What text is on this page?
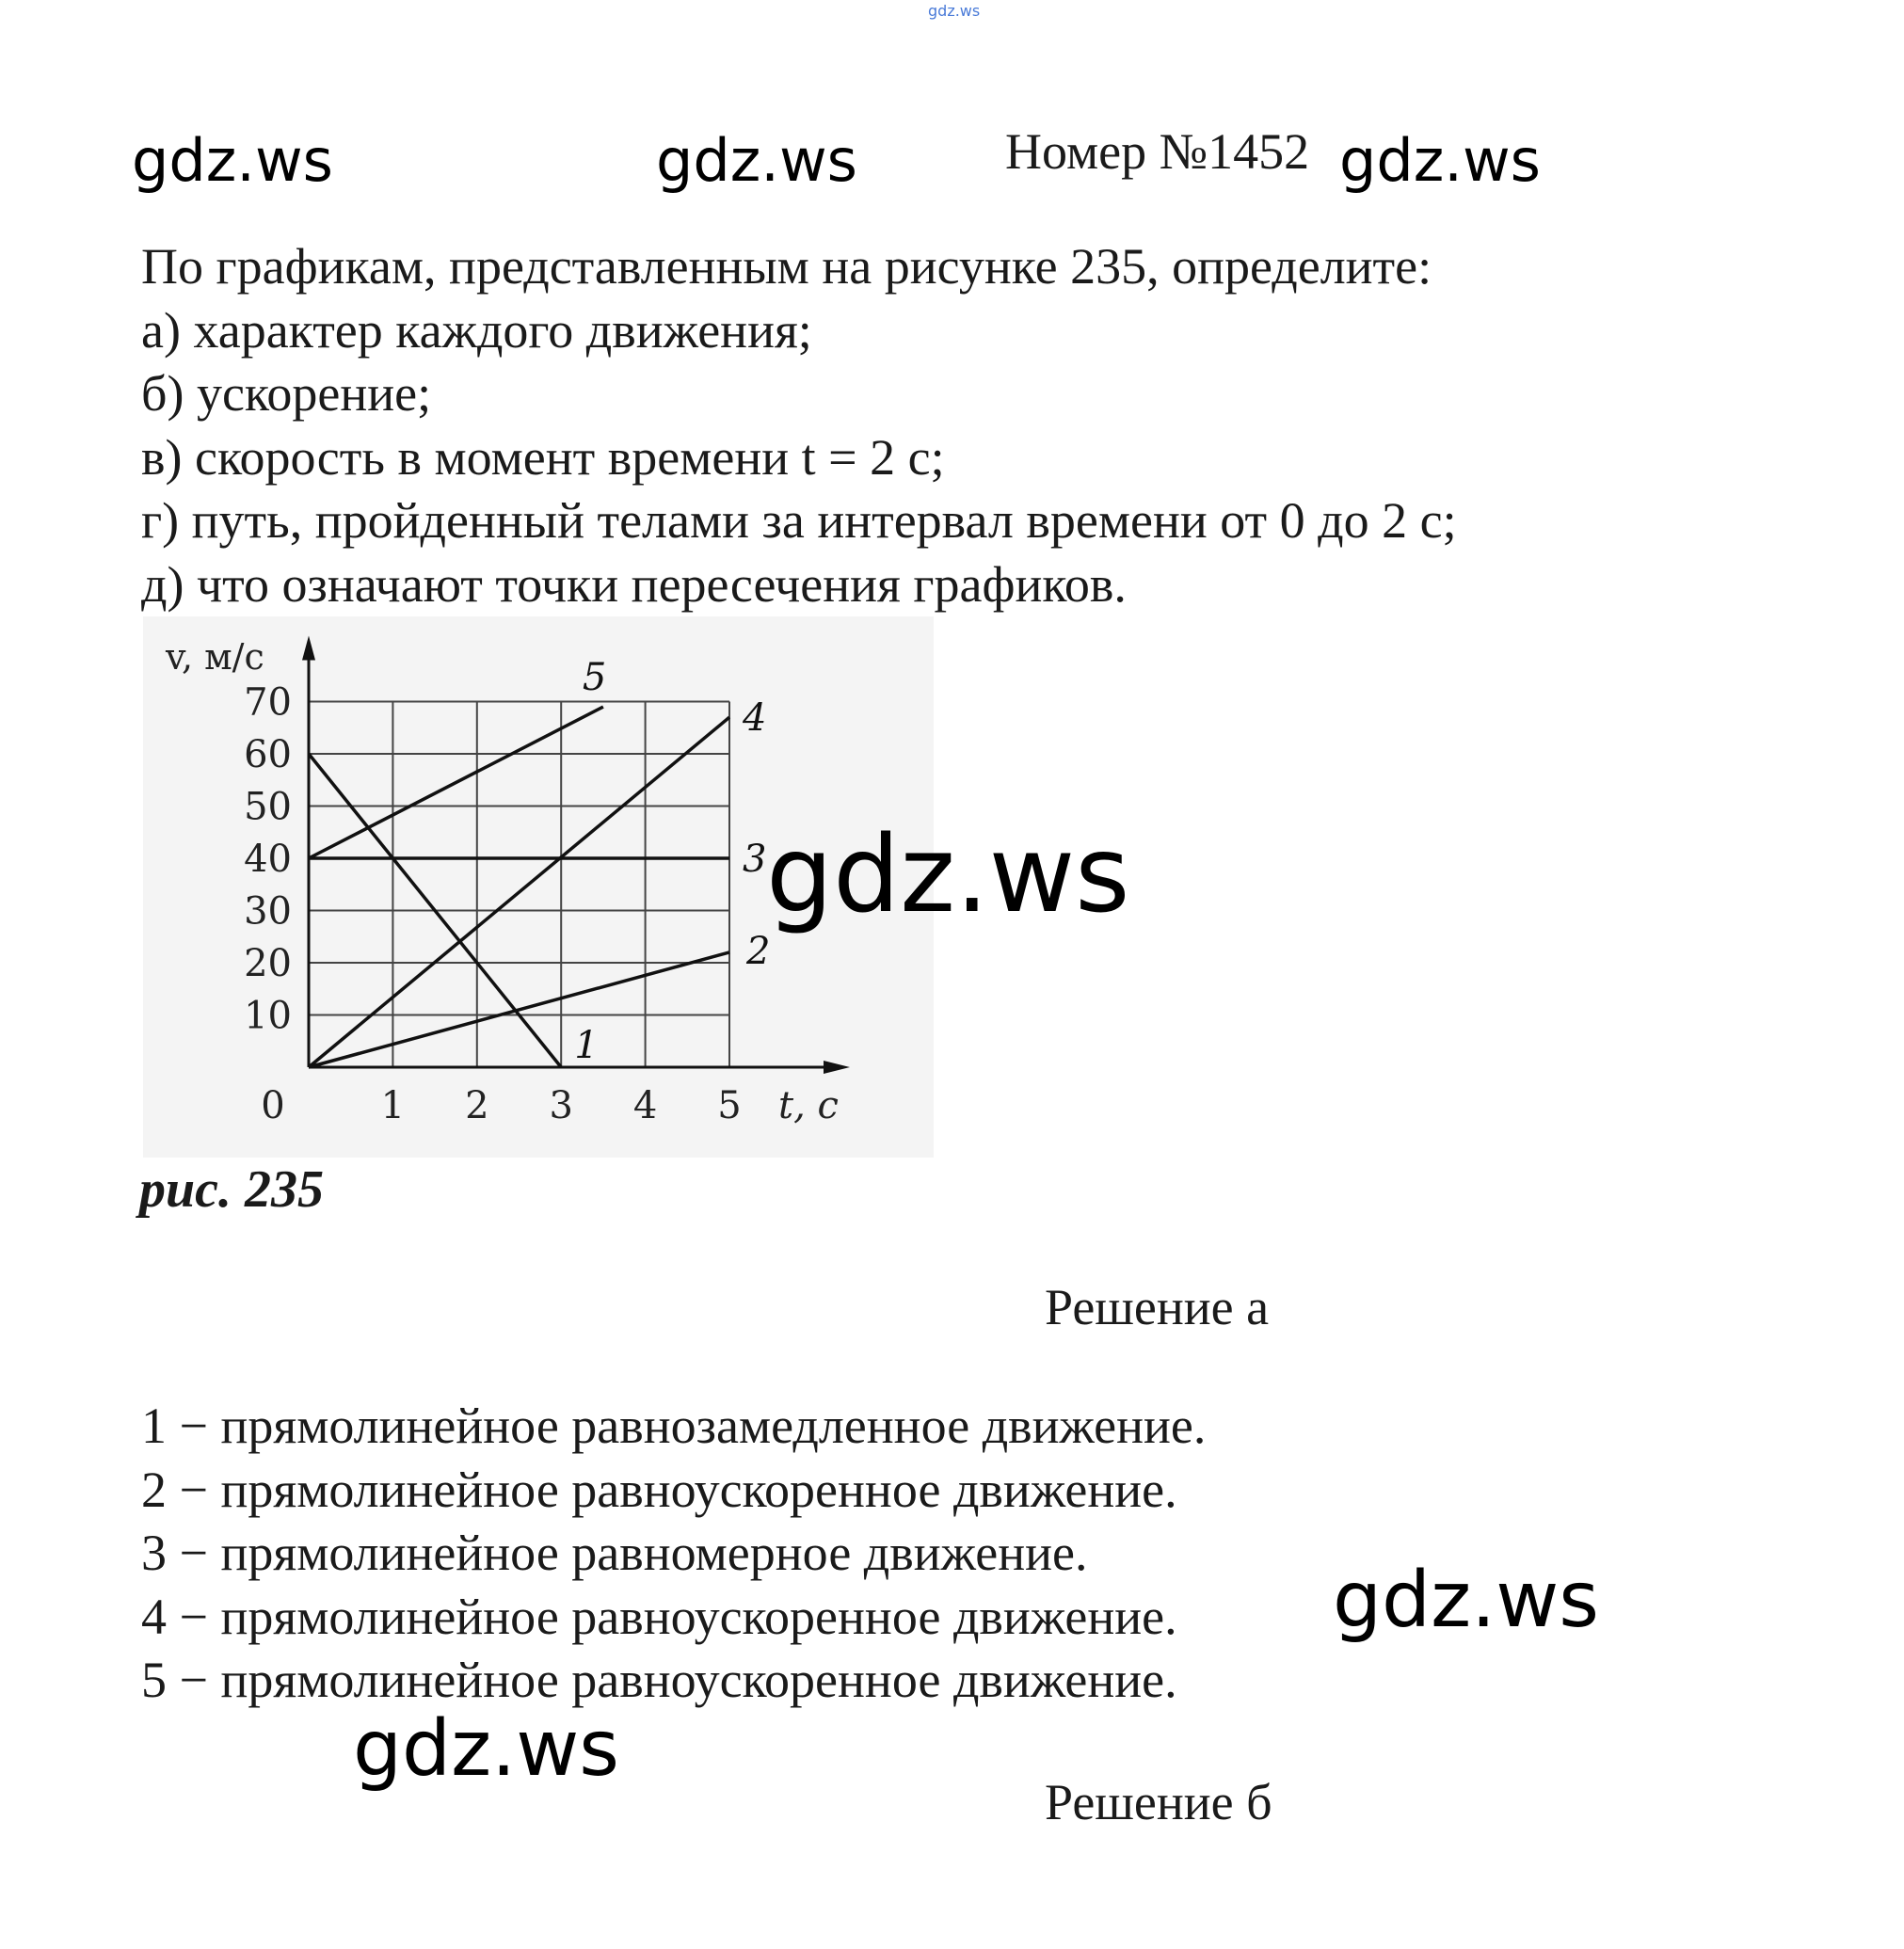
gdz.ws
gdz.ws	gdz.ws	Номер №1452 gdz.ws
По графикам, представленным на рисунке 235, определите:
а) характер каждого движения;
б) ускорение;
в) скорость в момент времени t = 2 с;
г) путь, пройденный телами за интервал времени от 0 до 2 с;
д) что означают точки пересечения графиков.
10
20
30
40
50
60
70
1 2 3 4 5
0
v, м/с
t, с
1
2
3
4
5
рис. 235
gdz.ws
Решение а
1 − прямолинейное равнозамедленное движение.
2 − прямолинейное равноускоренное движение.
3 − прямолинейное равномерное движение.
4 − прямолинейное равноускоренное движение.
5 − прямолинейное равноускоренное движение.
gdz.ws
gdz.ws
Решение б
